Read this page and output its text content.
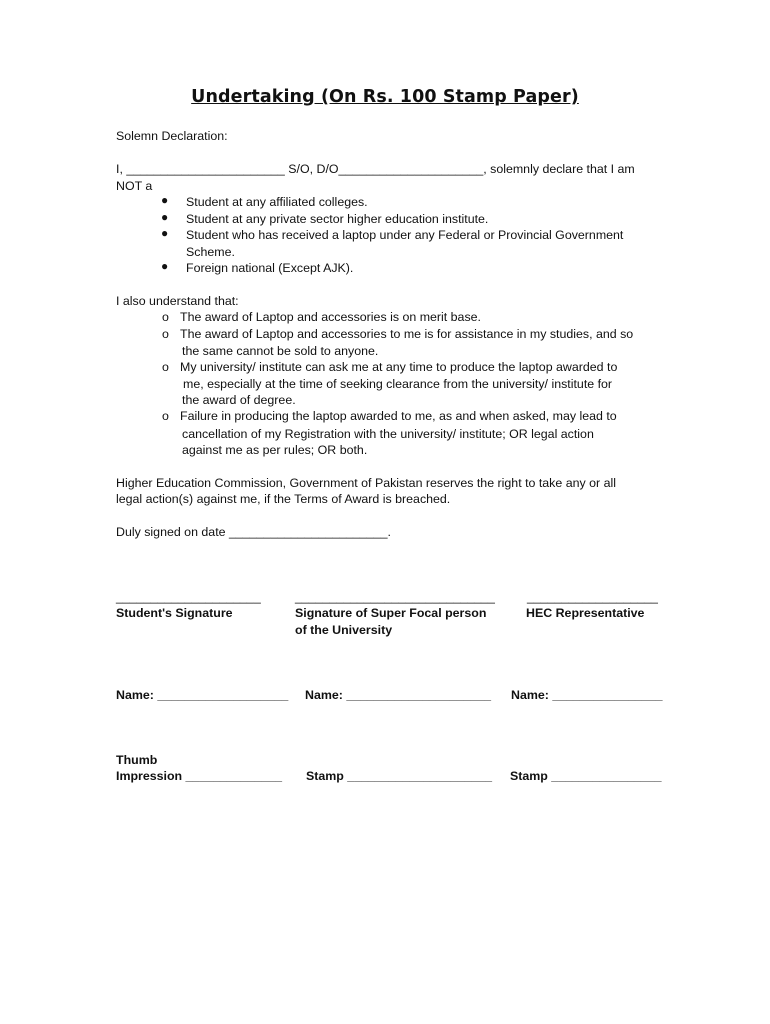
Undertaking (On Rs. 100 Stamp Paper)
Solemn Declaration:
I, _______________________ S/O, D/O_____________________, solemnly declare that I am
NOT a
● Student at any affiliated colleges.
● Student at any private sector higher education institute.
● Student who has received a laptop under any Federal or Provincial Government
Scheme.
● Foreign national (Except AJK).
I also understand that:
o The award of Laptop and accessories is on merit base.
o The award of Laptop and accessories to me is for assistance in my studies, and so
the same cannot be sold to anyone.
o My university/ institute can ask me at any time to produce the laptop awarded to
me, especially at the time of seeking clearance from the university/ institute for
the award of degree.
o Failure in producing the laptop awarded to me, as and when asked, may lead to
cancellation of my Registration with the university/ institute; OR legal action
against me as per rules; OR both.
Higher Education Commission, Government of Pakistan reserves the right to take any or all
legal action(s) against me, if the Terms of Award is breached.
Duly signed on date _______________________.
_____________________
Student's Signature
_____________________________
Signature of Super Focal person
of the University
___________________
HEC Representative
Name: ___________________ Name: _____________________ Name: ________________
Thumb
Impression ______________ Stamp _____________________ Stamp ________________
